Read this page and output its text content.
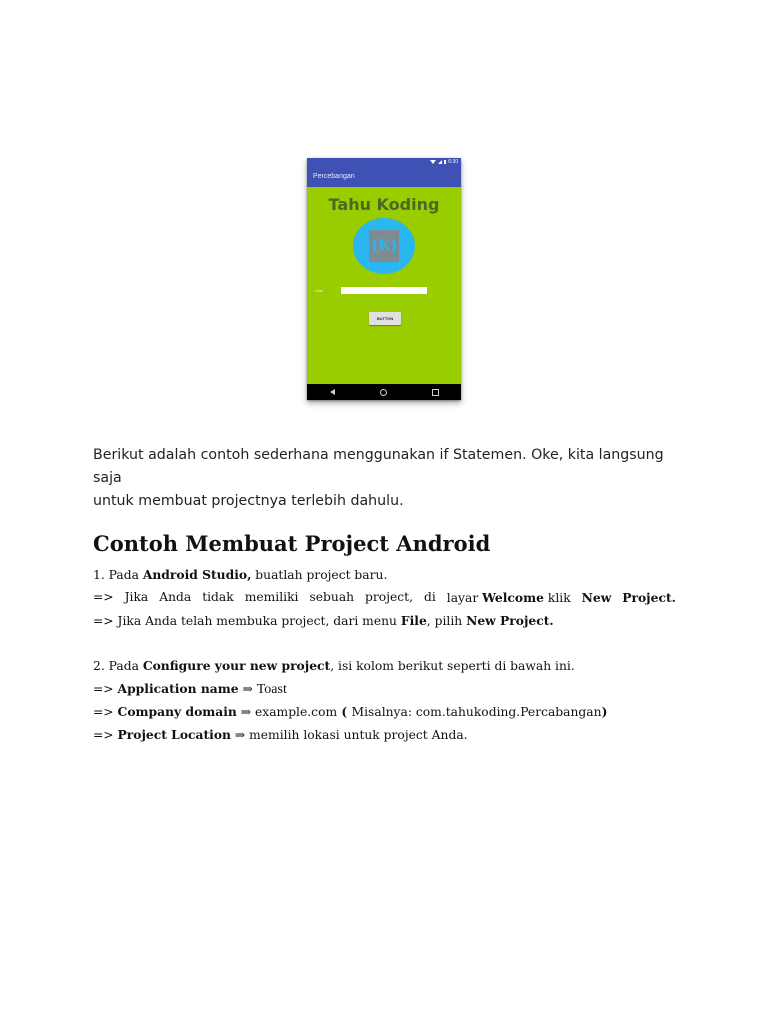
6:30
Percebangan
Tahu Koding
{K}
Nilai
BUTTON
Berikut adalah contoh sederhana menggunakan if Statemen. Oke, kita langsung saja
untuk membuat projectnya terlebih dahulu.
Contoh Membuat Project Android
1. Pada Android Studio, buatlah project baru.
=> Jika Anda tidak memiliki sebuah project, di layar Welcome klik New Project.
=> Jika Anda telah membuka project, dari menu File, pilih New Project.
2. Pada Configure your new project, isi kolom berikut seperti di bawah ini.
=> Application name ⇒ Toast
=> Company domain ⇒ example.com ( Misalnya: com.tahukoding.Percabangan)
=> Project Location ⇒ memilih lokasi untuk project Anda.
